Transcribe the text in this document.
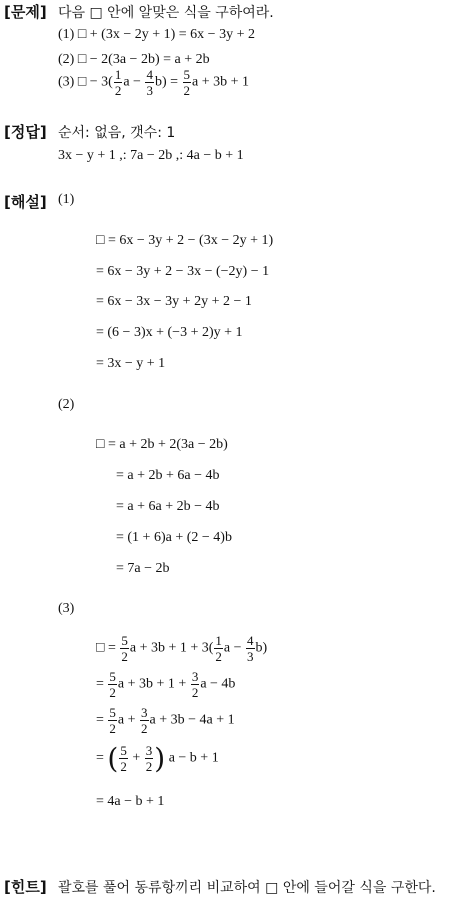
[문제] 다음 □ 안에 알맞은 식을 구하여라.
(1) □ + (3x − 2y + 1) = 6x − 3y + 2
(2) □ − 2(3a − 2b) = a + 2b
(3) □ − $3( \frac{1}{2}$ $a - \frac{4}{3} b) = \frac{5}{2}$ a + 3b + 1
[정답] 순서: 없음, 갯수: 1
3x − y + 1 ,: 7a − 2b ,: 4a − b + 1
[해설] (1)
□ = 6x − 3y + 2 − (3x − 2y + 1)
= 6x − 3y + 2 − 3x − (−2y) − 1
= 6x − 3x − 3y + 2y + 2 − 1
= (6 − 3)x + (−3 + 2)y + 1
= 3x − y + 1
(2)
□ = a + 2b + 2(3a − 2b)
= a + 2b + 6a − 4b
= a + 6a + 2b − 4b
= (1 + 6)a + (2 − 4)b
= 7a − 2b
(3)
□ = $\frac{5}{2}$ $a + 3b + 1 + 3( \frac{1}{2}$ $a - \frac{4}{3} b$)
= $\frac{5}{2}$ $a + 3b + 1 + \frac{3}{2}$ a − 4b
= $\frac{5}{2}$ $a + \frac{3}{2}$ a + 3b − 4a + 1
= ( $\frac{5}{2} + \frac{3}{2}$ ) a − b + 1
= 4a − b + 1
[힌트] 괄호를 풀어 동류항끼리 비교하여 □ 안에 들어갈 식을 구한다.
